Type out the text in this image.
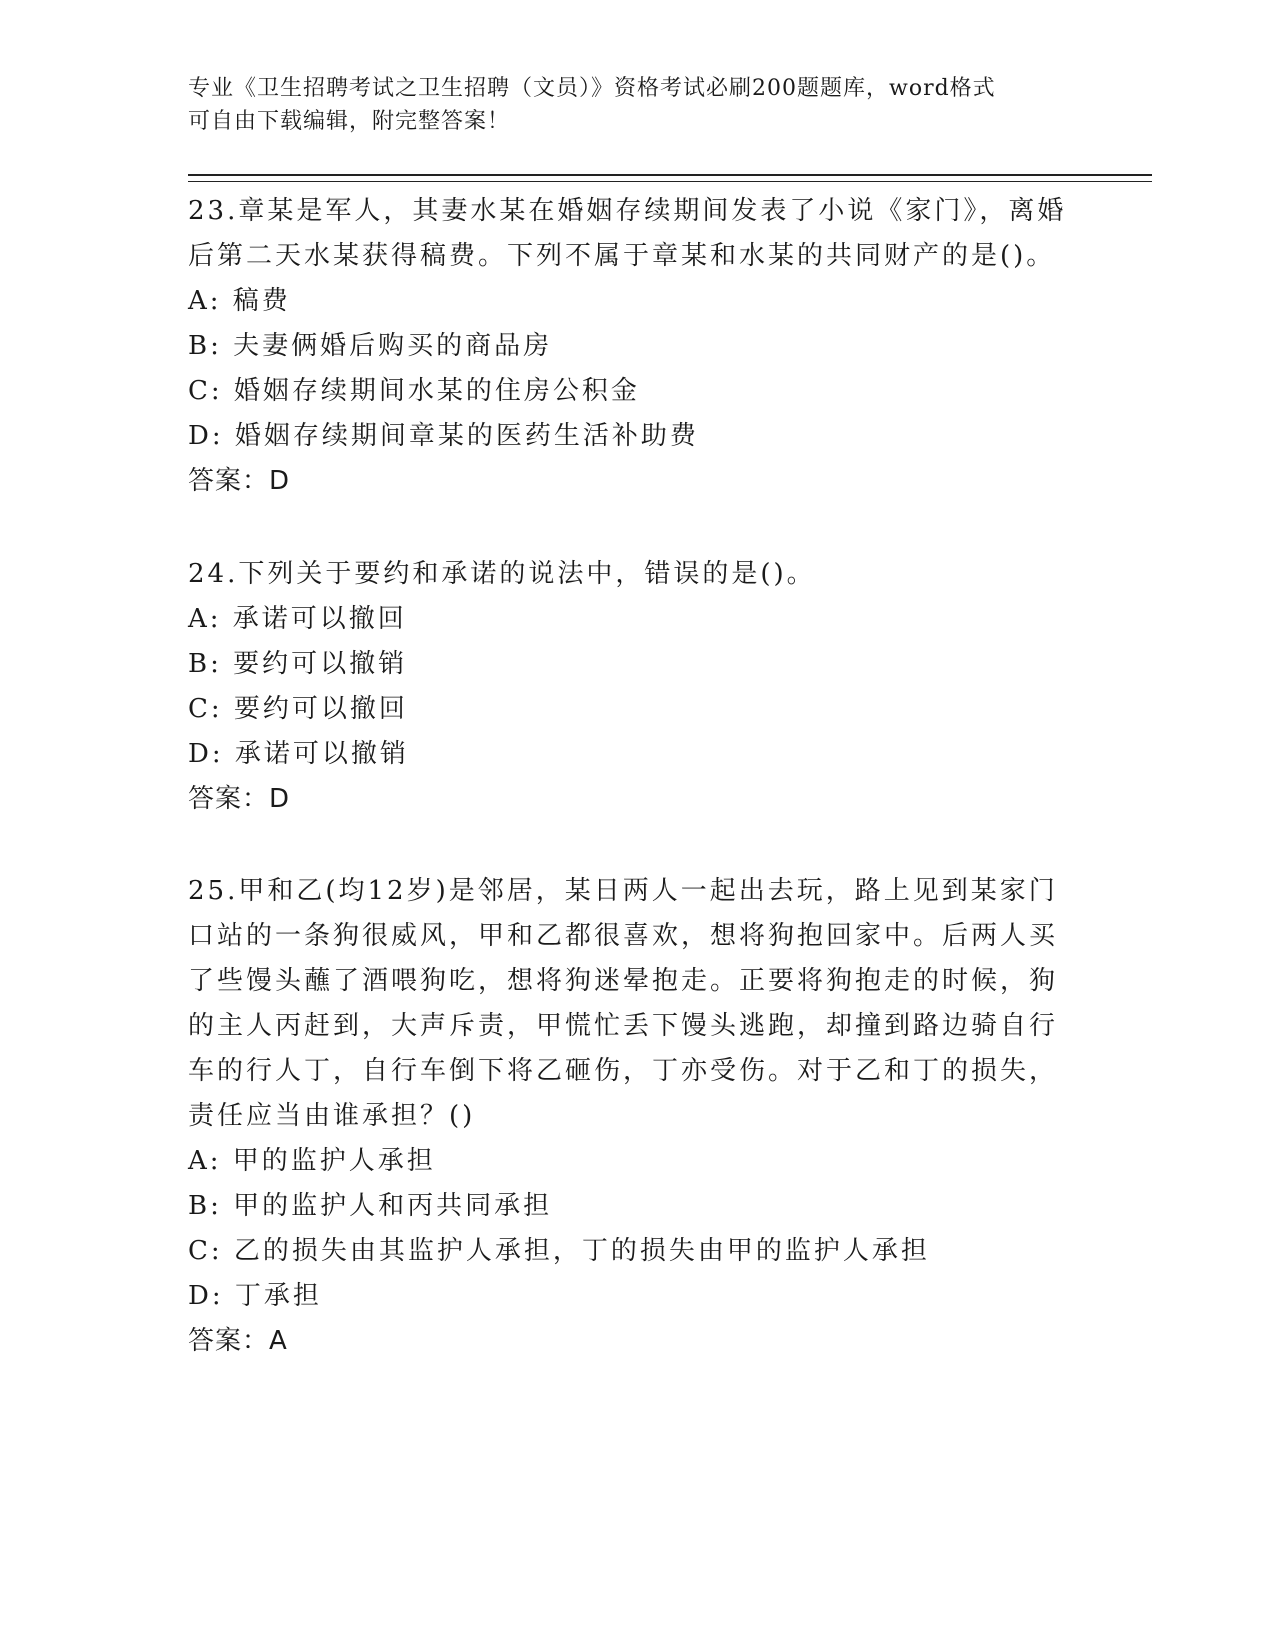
专业《卫生招聘考试之卫生招聘（文员）》资格考试必刷200题题库，word格式
可自由下载编辑，附完整答案！
23.章某是军人，其妻水某在婚姻存续期间发表了小说《家门》，离婚后第二天水某获得稿费。下列不属于章某和水某的共同财产的是()。
A: 稿费
B: 夫妻俩婚后购买的商品房
C: 婚姻存续期间水某的住房公积金
D: 婚姻存续期间章某的医药生活补助费
答案：D
24.下列关于要约和承诺的说法中，错误的是()。
A: 承诺可以撤回
B: 要约可以撤销
C: 要约可以撤回
D: 承诺可以撤销
答案：D
25.甲和乙(均12岁)是邻居，某日两人一起出去玩，路上见到某家门口站的一条狗很威风，甲和乙都很喜欢，想将狗抱回家中。后两人买了些馒头蘸了酒喂狗吃，想将狗迷晕抱走。正要将狗抱走的时候，狗的主人丙赶到，大声斥责，甲慌忙丢下馒头逃跑，却撞到路边骑自行车的行人丁，自行车倒下将乙砸伤，丁亦受伤。对于乙和丁的损失，责任应当由谁承担？()
A: 甲的监护人承担
B: 甲的监护人和丙共同承担
C: 乙的损失由其监护人承担，丁的损失由甲的监护人承担
D: 丁承担
答案：A
